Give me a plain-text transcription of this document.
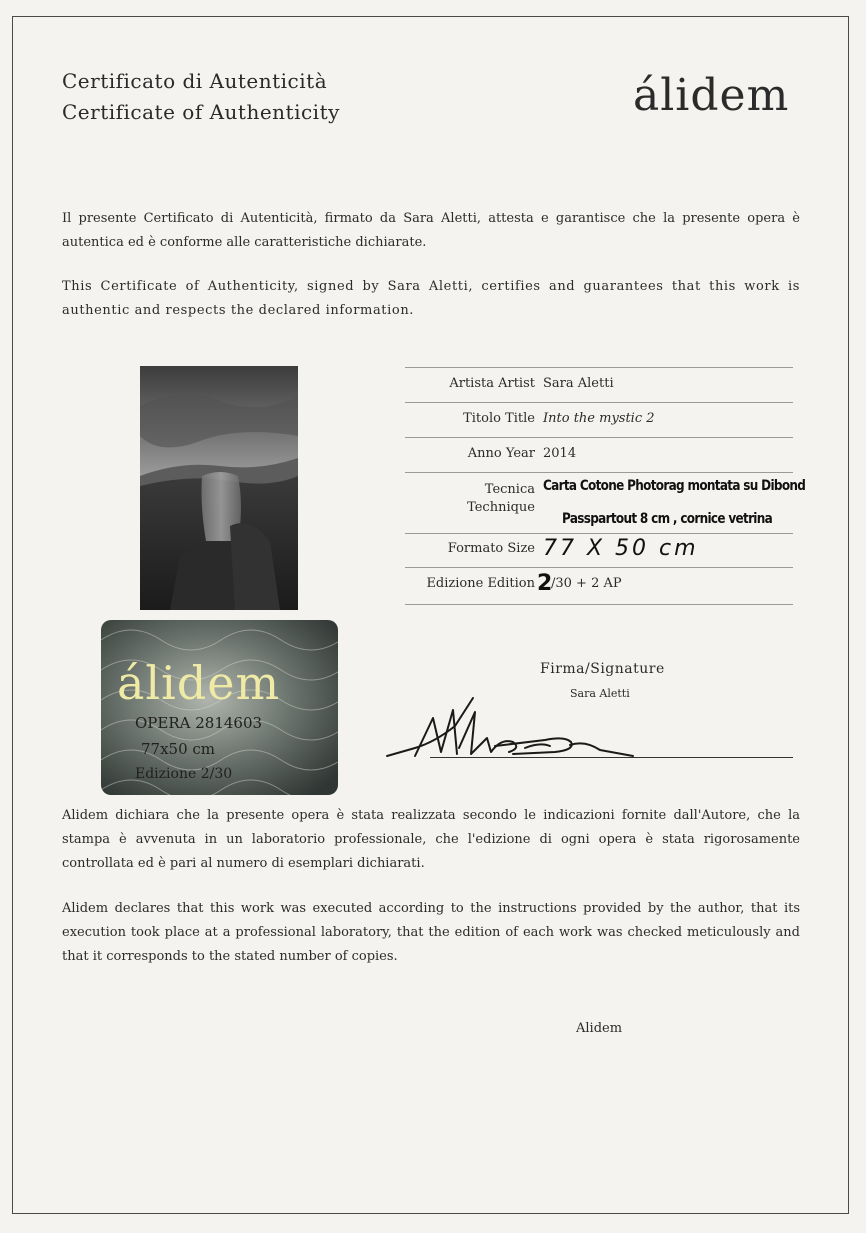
Certificato di Autenticità
Certificate of Authenticity	álidem
Il presente Certificato di Autenticità, firmato da Sara Aletti, attesta e garantisce che la presente opera è autentica ed è conforme alle caratteristiche dichiarate.
This Certificate of Authenticity, signed by Sara Aletti, certifies and guarantees that this work is authentic and respects the declared information.
álidem
OPERA 2814603
77x50 cm
Edizione 2/30
Artista Artist Sara Aletti
Titolo Title Into the mystic 2
Anno Year 2014
Tecnica
Technique
Carta Cotone Photorag montata su Dibond
Passpartout 8 cm , cornice vetrina
Formato Size 77 X 50 cm
Edizione Edition 2
/30 + 2 AP
Firma/Signature
Sara Aletti
Alidem dichiara che la presente opera è stata realizzata secondo le indicazioni fornite dall'Autore, che la stampa è avvenuta in un laboratorio professionale, che l'edizione di ogni opera è stata rigorosamente controllata ed è pari al numero di esemplari dichiarati.
Alidem declares that this work was executed according to the instructions provided by the author, that its execution took place at a professional laboratory, that the edition of each work was checked meticulously and that it corresponds to the stated number of copies.
Alidem
